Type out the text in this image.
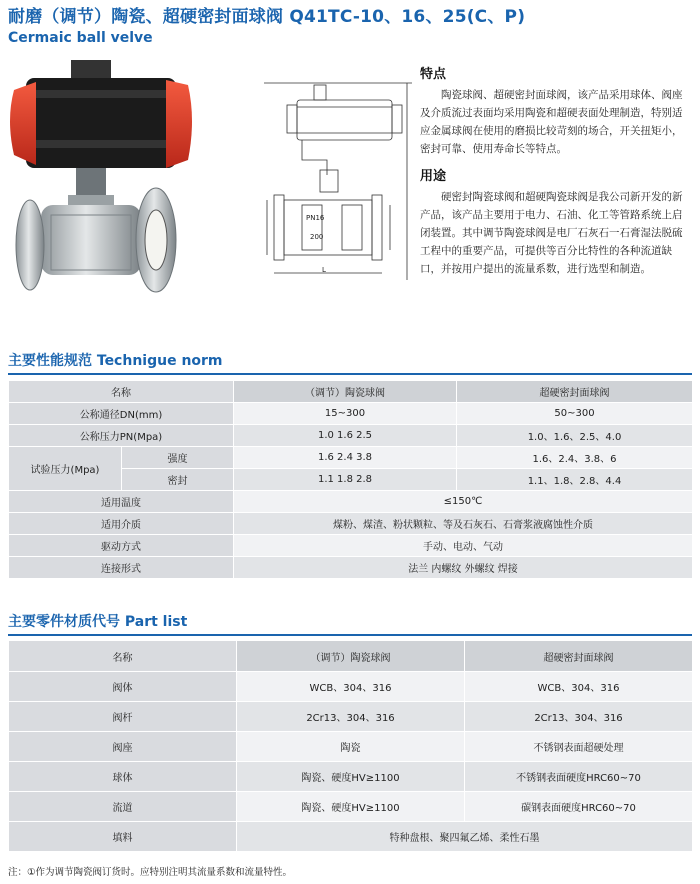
耐磨（调节）陶瓷、超硬密封面球阀 Q41TC-10、16、25(C、P)
Cermaic ball velve
PN16
200
L
特点

陶瓷球阀、超硬密封面球阀，该产品采用球体、阀座及介质流过表面均采用陶瓷和超硬表面处理制造，特别适应金属球阀在使用的磨损比较苛刻的场合，开关扭矩小，密封可靠、使用寿命长等特点。

用途

硬密封陶瓷球阀和超硬陶瓷球阀是我公司新开发的新产品，该产品主要用于电力、石油、化工等管路系统上启闭装置。其中调节陶瓷球阀是电厂石灰石一石膏湿法脱硫工程中的重要产品，可提供等百分比特性的各种流道缺口，并按用户提出的流量系数，进行选型和制造。

主要性能规范 Technigue norm
名称		（调节）陶瓷球阀	超硬密封面球阀
公称通径DN(mm)		15~300	50~300
公称压力PN(Mpa)		1.0 1.6 2.5	1.0、1.6、2.5、4.0
试验压力(Mpa)	强度	1.6 2.4 3.8	1.6、2.4、3.8、6
	密封	1.1 1.8 2.8	1.1、1.8、2.8、4.4
适用温度		≤150℃	
适用介质		煤粉、煤渣、粉状颗粒、等及石灰石、石膏浆液腐蚀性介质	
驱动方式		手动、电动、气动	
连接形式		法兰 内螺纹 外螺纹 焊接	
主要零件材质代号 Part list
名称	（调节）陶瓷球阀	超硬密封面球阀
阀体	WCB、304、316	WCB、304、316
阀杆	2Cr13、304、316	2Cr13、304、316
阀座	陶瓷	不锈钢表面超硬处理
球体	陶瓷、硬度HV≥1100	不锈钢表面硬度HRC60~70
流道	陶瓷、硬度HV≥1100	碳钢表面硬度HRC60~70
填料	特种盘根、聚四氟乙烯、柔性石墨	
注：①作为调节陶瓷阀订货时。应特别注明其流量系数和流量特性。
